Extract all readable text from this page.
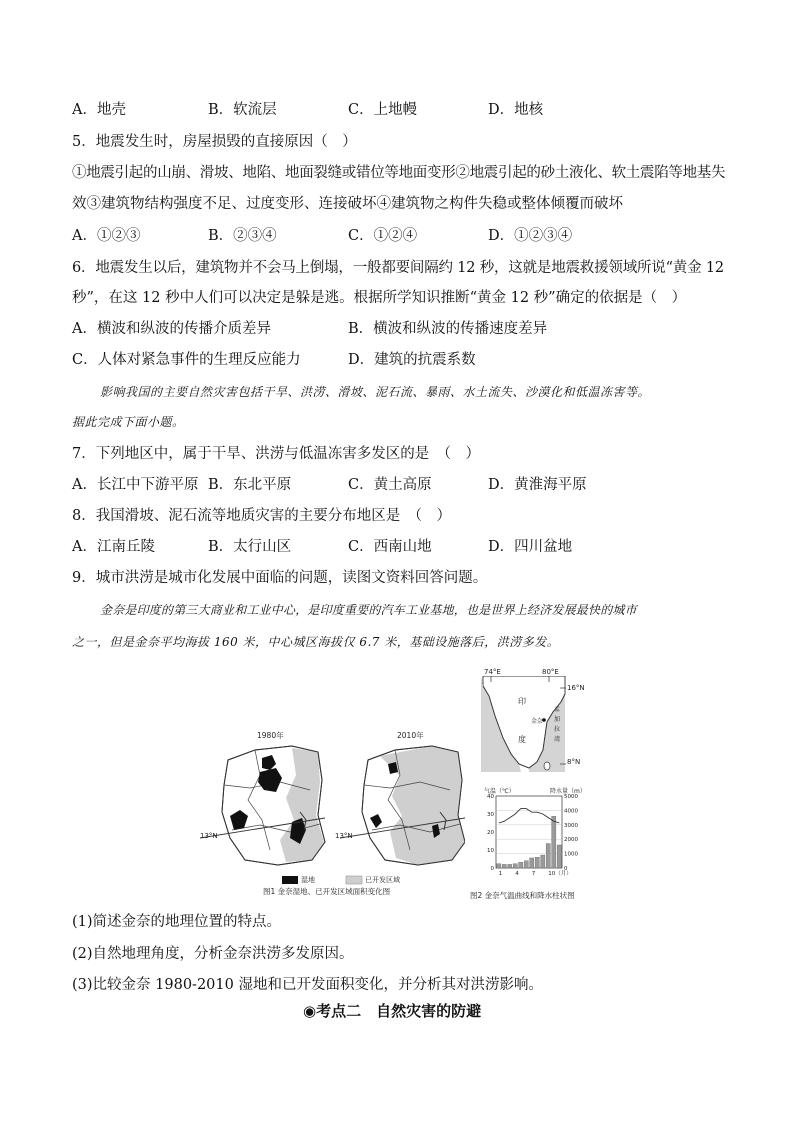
A．地壳	B．软流层	C．上地幔	D．地核
5．地震发生时，房屋损毁的直接原因（　）
①地震引起的山崩、滑坡、地陷、地面裂缝或错位等地面变形②地震引起的砂土液化、软土震陷等地基失
效③建筑物结构强度不足、过度变形、连接破坏④建筑物之构件失稳或整体倾覆而破坏
A．①②③	B．②③④	C．①②④	D．①②③④
6．地震发生以后，建筑物并不会马上倒塌，一般都要间隔约 12 秒，这就是地震救援领域所说“黄金 12
秒”，在这 12 秒中人们可以决定是躲是逃。根据所学知识推断“黄金 12 秒”确定的依据是（　）
A．横波和纵波的传播介质差异	B．横波和纵波的传播速度差异
C．人体对紧急事件的生理反应能力	D．建筑的抗震系数
影响我国的主要自然灾害包括干旱、洪涝、滑坡、泥石流、暴雨、水土流失、沙漠化和低温冻害等。
据此完成下面小题。
7．下列地区中，属于干旱、洪涝与低温冻害多发区的是　（　）
A．长江中下游平原 B．东北平原	C．黄土高原	D．黄淮海平原
8．我国滑坡、泥石流等地质灾害的主要分布地区是　（　）
A．江南丘陵	B．太行山区	C．西南山地	D．四川盆地
9．城市洪涝是城市化发展中面临的问题，读图文资料回答问题。
金奈是印度的第三大商业和工业中心，是印度重要的汽车工业基地，也是世界上经济发展最快的城市
之一，但是金奈平均海拔 160 米，中心城区海拔仅 6.7 米，基础设施落后，洪涝多发。
1980年	2010年
13°N	13°N
湿地	已开发区域
图1 金奈湿地、已开发区域面积变化图
74°E	80°E
16°N
8°N
印
度
金奈
孟
加
拉
湾
40
30
20
10
0
5000
4000
3000
2000
1000
0
1 4 7 10（月）
气温（℃）	降水量（m）
图2 金奈气温曲线和降水柱状图
(1)简述金奈的地理位置的特点。
(2)自然地理角度，分析金奈洪涝多发原因。
(3)比较金奈 1980-2010 湿地和已开发面积变化，并分析其对洪涝影响。
◉考点二　自然灾害的防避
